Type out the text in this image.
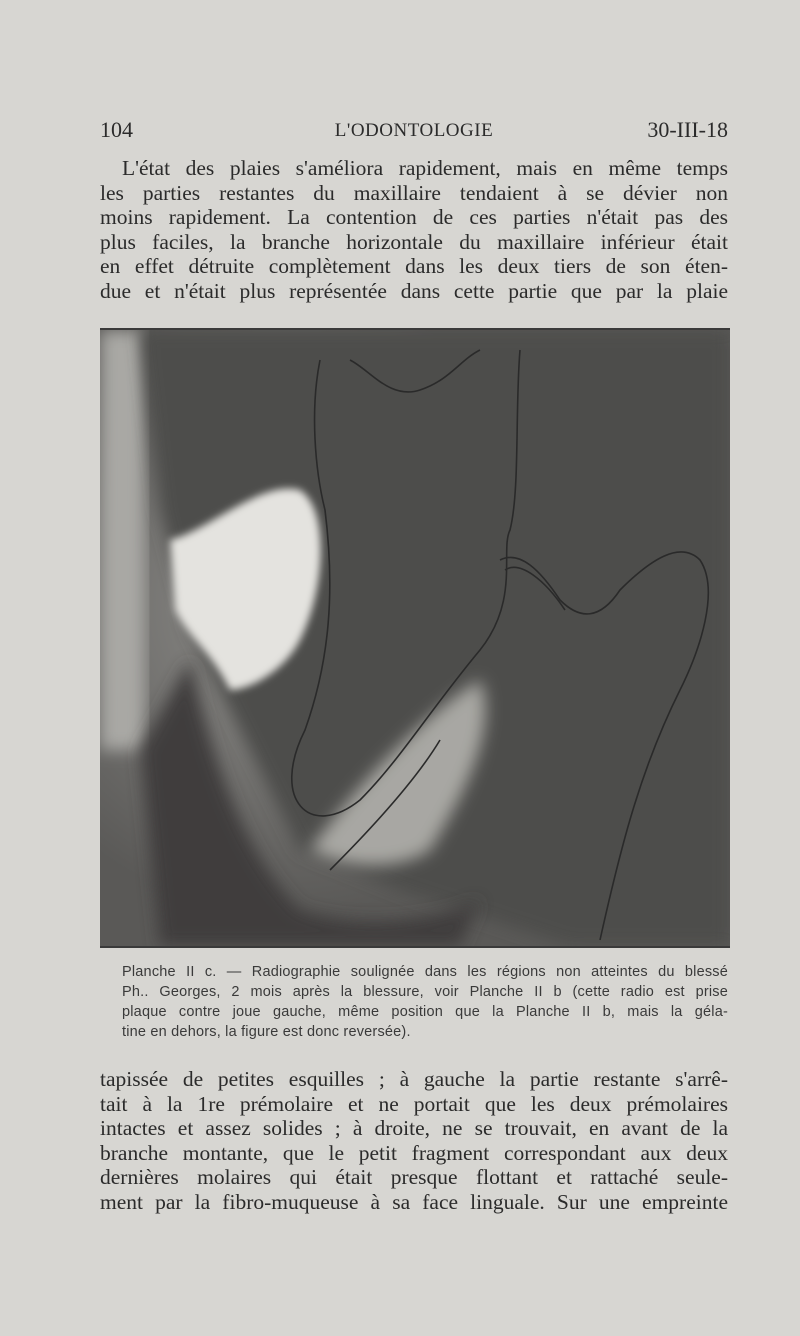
104	L'ODONTOLOGIE	30-III-18
L'état des plaies s'améliora rapidement, mais en même temps
les parties restantes du maxillaire tendaient à se dévier non
moins rapidement. La contention de ces parties n'était pas des
plus faciles, la branche horizontale du maxillaire inférieur était
en effet détruite complètement dans les deux tiers de son éten-
due et n'était plus représentée dans cette partie que par la plaie
Planche II c. — Radiographie soulignée dans les régions non atteintes du blessé
Ph.. Georges, 2 mois après la blessure, voir Planche II b (cette radio est prise
plaque contre joue gauche, même position que la Planche II b, mais la géla-
tine en dehors, la figure est donc reversée).
tapissée de petites esquilles ; à gauche la partie restante s'arrê-
tait à la 1re prémolaire et ne portait que les deux prémolaires
intactes et assez solides ; à droite, ne se trouvait, en avant de la
branche montante, que le petit fragment correspondant aux deux
dernières molaires qui était presque flottant et rattaché seule-
ment par la fibro-muqueuse à sa face linguale. Sur une empreinte
